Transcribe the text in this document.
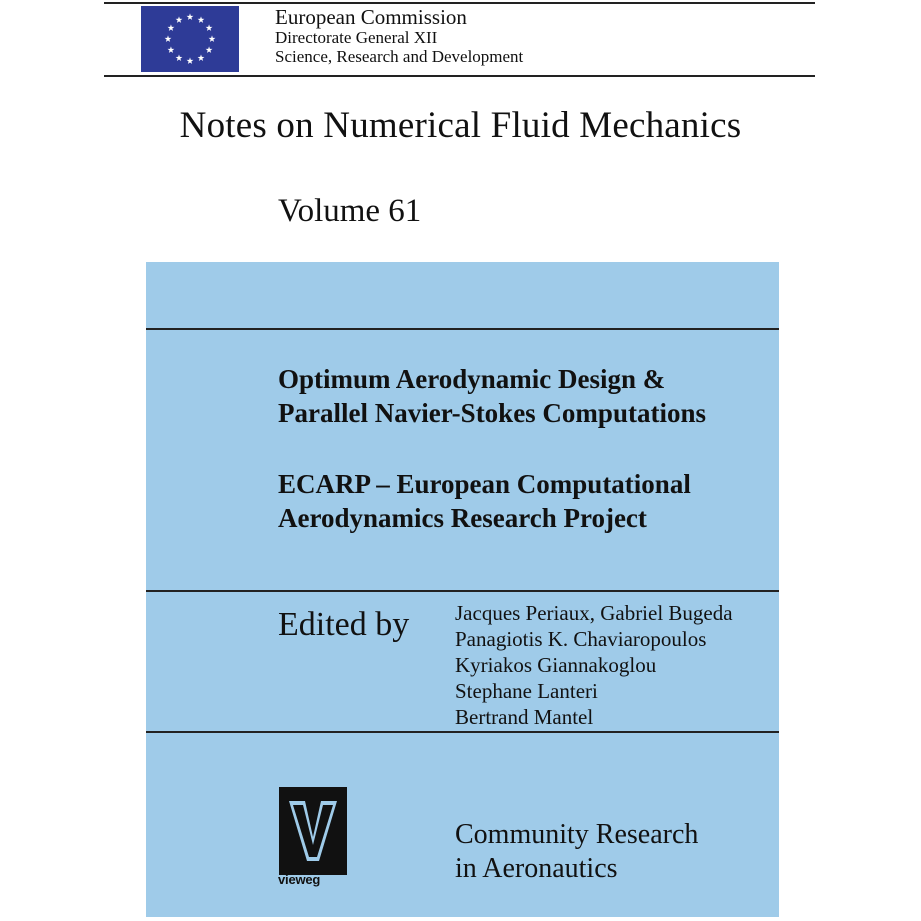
European Commission
Directorate General XII
Science, Research and Development
Notes on Numerical Fluid Mechanics
Volume 61
Optimum Aerodynamic Design &
Parallel Navier-Stokes Computations
ECARP – European Computational
Aerodynamics Research Project
Edited by Jacques Periaux, Gabriel Bugeda
Panagiotis K. Chaviaropoulos
Kyriakos Giannakoglou
Stephane Lanteri
Bertrand Mantel
vieweg
Community Research
in Aeronautics
